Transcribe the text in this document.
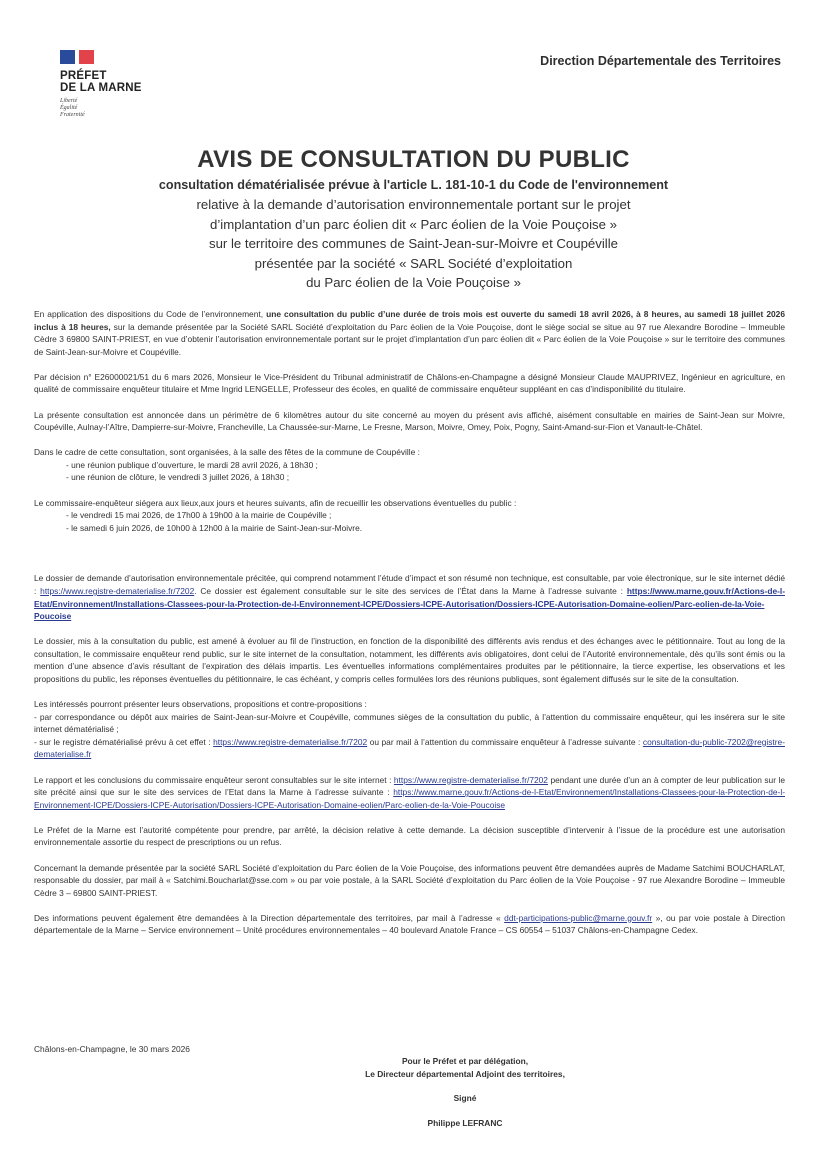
PRÉFET
DE LA MARNE
Liberté
Égalité
Fraternité
Direction Départementale des Territoires
AVIS DE CONSULTATION DU PUBLIC
consultation dématérialisée prévue à l'article L. 181-10-1 du Code de l'environnement
relative à la demande d’autorisation environnementale portant sur le projet
d’implantation d’un parc éolien dit « Parc éolien de la Voie Pouçoise »
sur le territoire des communes de Saint-Jean-sur-Moivre et Coupéville
présentée par la société « SARL Société d’exploitation
du Parc éolien de la Voie Pouçoise »

En application des dispositions du Code de l’environnement, une consultation du public d’une durée de trois mois est ouverte du samedi 18 avril 2026, à 8 heures, au samedi 18 juillet 2026 inclus à 18 heures, sur la demande présentée par la Société SARL Société d’exploitation du Parc éolien de la Voie Pouçoise, dont le siège social se situe au 97 rue Alexandre Borodine – Immeuble Cèdre 3 69800 SAINT-PRIEST, en vue d’obtenir l’autorisation environnementale portant sur le projet d’implantation d’un parc éolien dit « Parc éolien de la Voie Pouçoise » sur le territoire des communes de Saint-Jean-sur-Moivre et Coupéville.

Par décision n° E26000021/51 du 6 mars 2026, Monsieur le Vice-Président du Tribunal administratif de Châlons-en-Champagne a désigné Monsieur Claude MAUPRIVEZ, Ingénieur en agriculture, en qualité de commissaire enquêteur titulaire et Mme Ingrid LENGELLE, Professeur des écoles, en qualité de commissaire enquêteur suppléant en cas d’indisponibilité du titulaire.

La présente consultation est annoncée dans un périmètre de 6 kilomètres autour du site concerné au moyen du présent avis affiché, aisément consultable en mairies de Saint-Jean sur Moivre, Coupéville, Aulnay-l’Aître, Dampierre-sur-Moivre, Francheville, La Chaussée-sur-Marne, Le Fresne, Marson, Moivre, Omey, Poix, Pogny, Saint-Amand-sur-Fion et Vanault-le-Châtel.

Dans le cadre de cette consultation, sont organisées, à la salle des fêtes de la commune de Coupéville :
- une réunion publique d’ouverture, le mardi 28 avril 2026, à 18h30 ;
- une réunion de clôture, le vendredi 3 juillet 2026, à 18h30 ;

Le commissaire-enquêteur siégera aux lieux,aux jours et heures suivants, afin de recueillir les observations éventuelles du public :
- le vendredi 15 mai 2026, de 17h00 à 19h00 à la mairie de Coupéville ;
- le samedi 6 juin 2026, de 10h00 à 12h00 à la mairie de Saint-Jean-sur-Moivre.

Le dossier de demande d’autorisation environnementale précitée, qui comprend notamment l’étude d’impact et son résumé non technique, est consultable, par voie électronique, sur le site internet dédié : https://www.registre-dematerialise.fr/7202. Ce dossier est également consultable sur le site des services de l’État dans la Marne à l’adresse suivante : https://www.marne.gouv.fr/Actions-de-l-Etat/Environnement/Installations-Classees-pour-la-Protection-de-l-Environnement-ICPE/Dossiers-ICPE-Autorisation/Dossiers-ICPE-Autorisation-Domaine-eolien/Parc-eolien-de-la-Voie-Poucoise

Le dossier, mis à la consultation du public, est amené à évoluer au fil de l’instruction, en fonction de la disponibilité des différents avis rendus et des échanges avec le pétitionnaire. Tout au long de la consultation, le commissaire enquêteur rend public, sur le site internet de la consultation, notamment, les différents avis obligatoires, dont celui de l’Autorité environnementale, dès qu’ils sont émis ou la mention d’une absence d’avis résultant de l’expiration des délais impartis. Les éventuelles informations complémentaires produites par le pétitionnaire, la tierce expertise, les observations et les propositions du public, les réponses éventuelles du pétitionnaire, le cas échéant, y compris celles formulées lors des réunions publiques, sont également diffusés sur le site de la consultation.

Les intéressés pourront présenter leurs observations, propositions et contre-propositions :
- par correspondance ou dépôt aux mairies de Saint-Jean-sur-Moivre et Coupéville, communes sièges de la consultation du public, à l’attention du commissaire enquêteur, qui les insérera sur le site internet dématérialisé ;
- sur le registre dématérialisé prévu à cet effet : https://www.registre-dematerialise.fr/7202 ou par mail à l’attention du commissaire enquêteur à l’adresse suivante : consultation-du-public-7202@registre-dematerialise.fr

Le rapport et les conclusions du commissaire enquêteur seront consultables sur le site internet : https://www.registre-dematerialise.fr/7202 pendant une durée d’un an à compter de leur publication sur le site précité ainsi que sur le site des services de l’Etat dans la Marne à l’adresse suivante : https://www.marne.gouv.fr/Actions-de-l-Etat/Environnement/Installations-Classees-pour-la-Protection-de-l-Environnement-ICPE/Dossiers-ICPE-Autorisation/Dossiers-ICPE-Autorisation-Domaine-eolien/Parc-eolien-de-la-Voie-Poucoise

Le Préfet de la Marne est l’autorité compétente pour prendre, par arrêté, la décision relative à cette demande. La décision susceptible d’intervenir à l’issue de la procédure est une autorisation environnementale assortie du respect de prescriptions ou un refus.

Concernant la demande présentée par la société SARL Société d’exploitation du Parc éolien de la Voie Pouçoise, des informations peuvent être demandées auprès de Madame Satchimi BOUCHARLAT, responsable du dossier, par mail à « Satchimi.Boucharlat@sse.com » ou par voie postale, à la SARL Société d’exploitation du Parc éolien de la Voie Pouçoise - 97 rue Alexandre Borodine – Immeuble Cèdre 3 – 69800 SAINT-PRIEST.

Des informations peuvent également être demandées à la Direction départementale des territoires, par mail à l’adresse « ddt-participations-public@marne.gouv.fr », ou par voie postale à Direction départementale de la Marne – Service environnement – Unité procédures environnementales – 40 boulevard Anatole France – CS 60554 – 51037 Châlons-en-Champagne Cedex.

Châlons-en-Champagne, le 30 mars 2026
Pour le Préfet et par délégation,
Le Directeur départemental Adjoint des territoires,
Signé
Philippe LEFRANC
